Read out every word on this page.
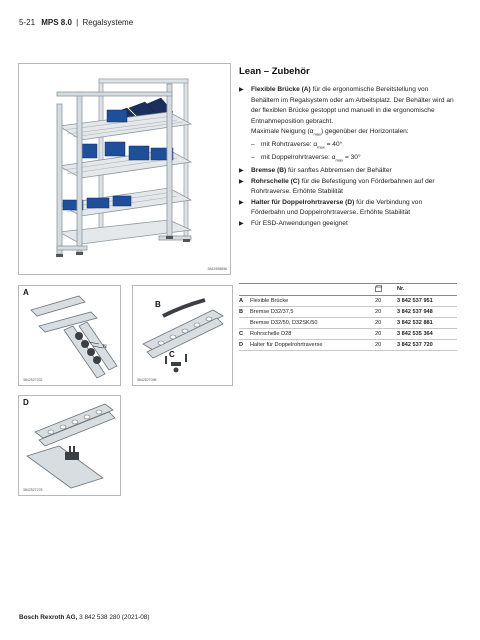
5-21 MPS 8.0 | Regalsysteme
3842998898
A
N
3842527332
B
C
3842527095
D
3842527278
Lean – Zubehör
▶ Flexible Brücke (A) für die ergonomische Bereitstellung von Behältern im Regalsystem oder am Arbeitsplatz. Der Behälter wird an der flexiblen Brücke gestoppt und manuell in die ergonomische Entnahmeposition gebracht.
Maximale Neigung $(\alpha_{max})$ gegenüber der Horizontalen:
– mit Rohrtraverse: $\alpha_{max} = 40^\circ$
– mit Doppelrohrtraverse: $\alpha_{max} = 30^\circ$
▶ Bremse (B) für sanftes Abbremsen der Behälter
▶ Rohrschelle (C) für die Befestigung von Förderbahnen auf der Rohrtraverse. Erhöhte Stabilität
▶ Halter für Doppelrohrtraverse (D) für die Verbindung von Förderbahn und Doppelrohrtraverse. Erhöhte Stabilität
▶ Für ESD-Anwendungen geeignet
Nr.
A	Flexible Brücke	20	3 842 537 951
B	Bremse D32/37,5	20	3 842 537 948
Bremse D32/50, D32SK/50	20	3 842 532 881
C	Rohrschelle D28	20	3 842 535 364
D	Halter für Doppelrohrtraverse	20	3 842 537 720
Bosch Rexroth AG, 3 842 538 280 (2021-08)
